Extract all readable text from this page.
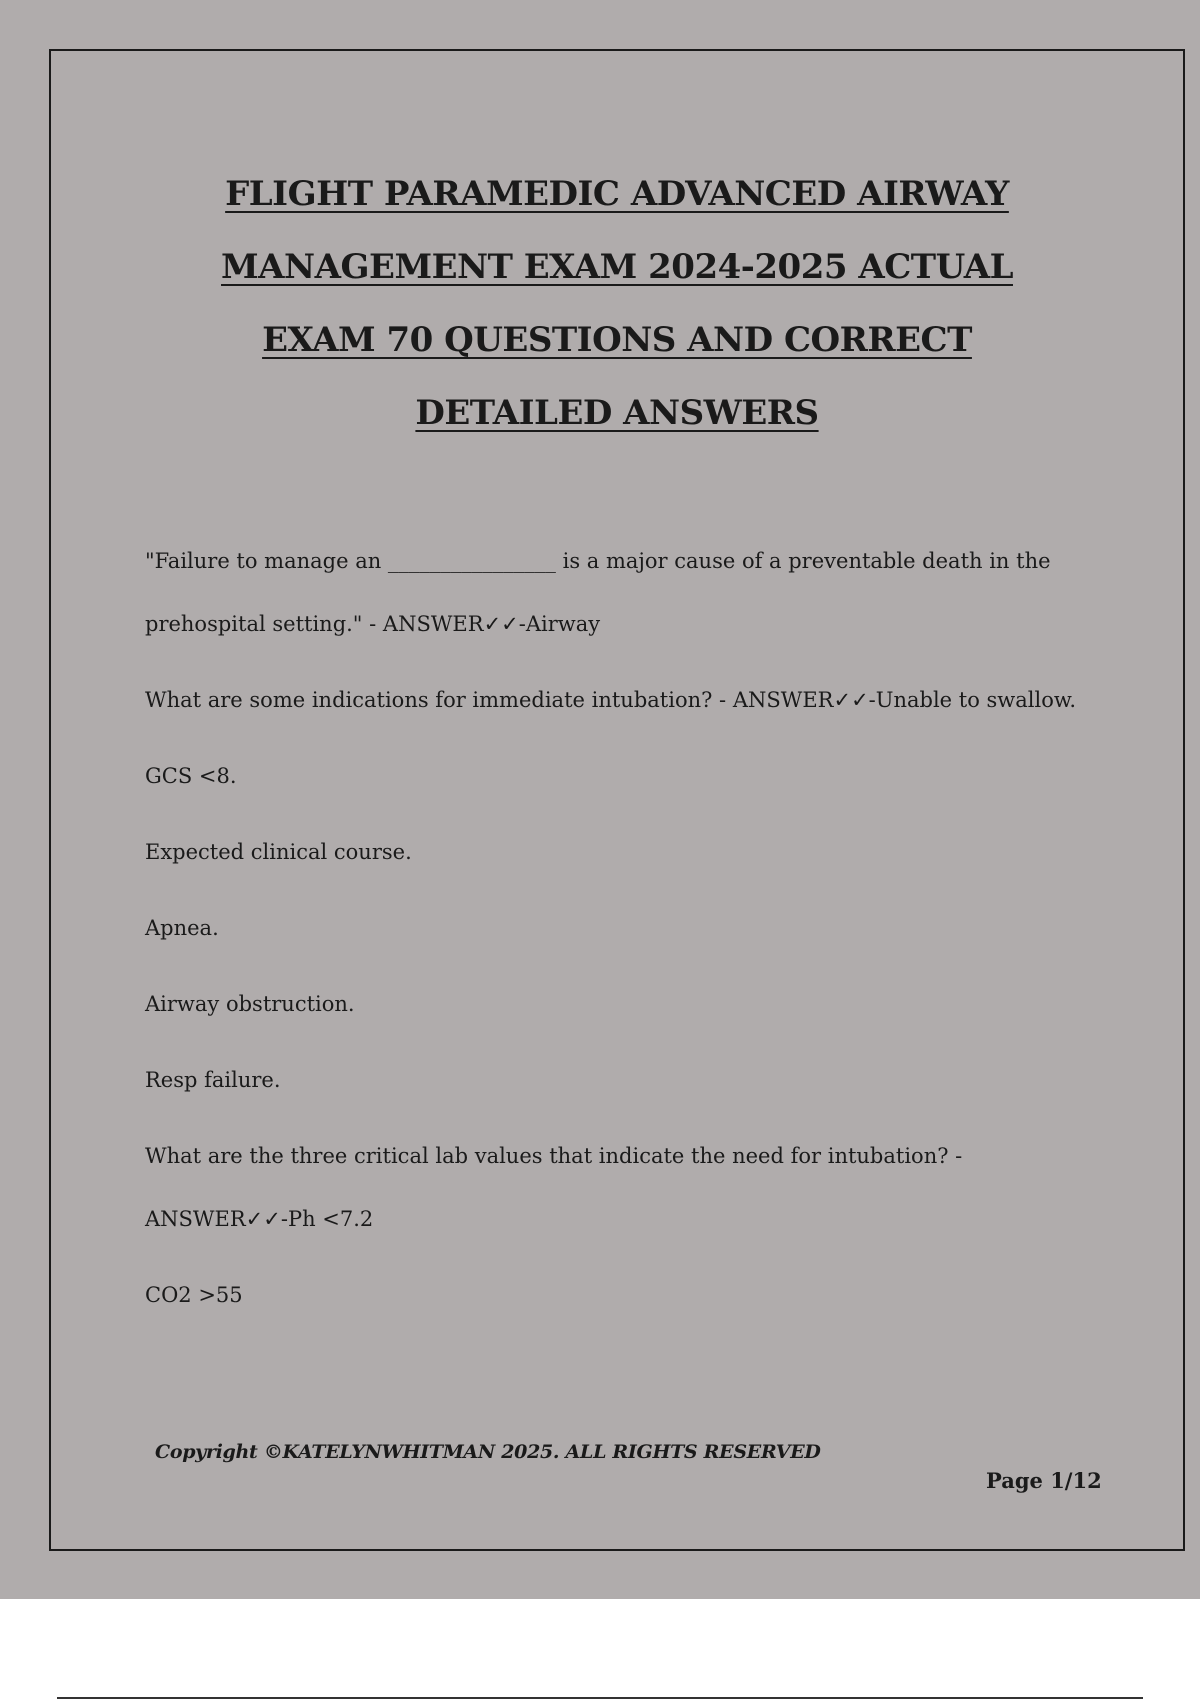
FLIGHT PARAMEDIC ADVANCED AIRWAY
MANAGEMENT EXAM 2024-2025 ACTUAL
EXAM 70 QUESTIONS AND CORRECT
DETAILED ANSWERS

"Failure to manage an ________________ is a major cause of a preventable death in the prehospital setting." - ANSWER✓✓-Airway

What are some indications for immediate intubation? - ANSWER✓✓-Unable to swallow.

GCS <8.

Expected clinical course.

Apnea.

Airway obstruction.

Resp failure.

What are the three critical lab values that indicate the need for intubation? - ANSWER✓✓-Ph <7.2

CO2 >55

Copyright ©KATELYNWHITMAN 2025. ALL RIGHTS RESERVED
Page 1/12
